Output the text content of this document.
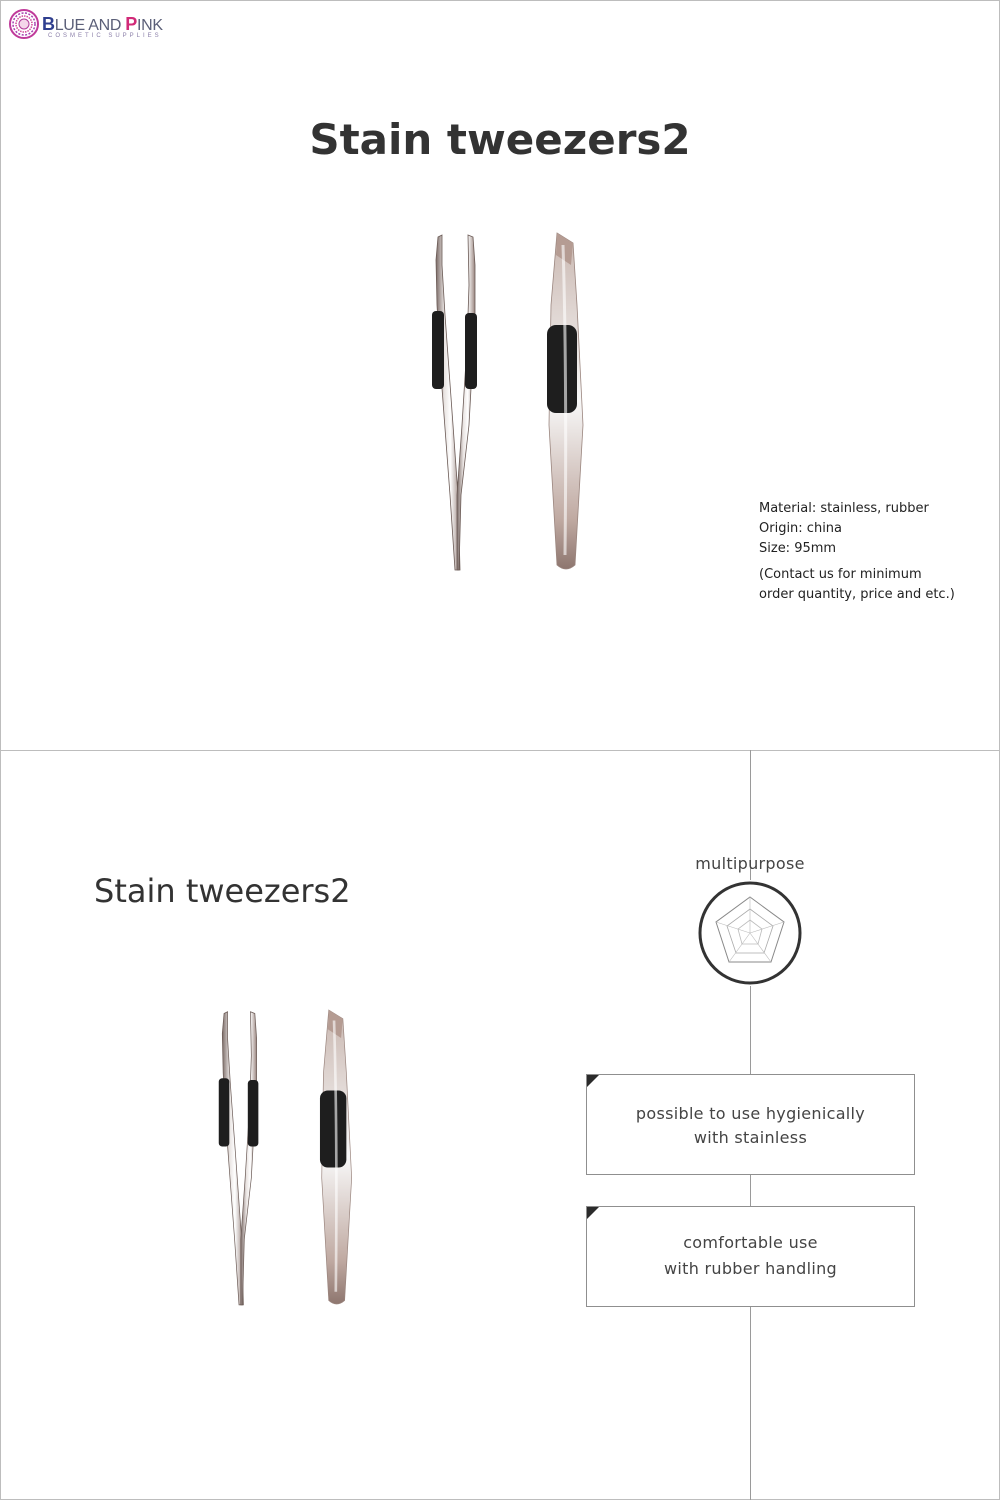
BLUE AND PINK
COSMETIC SUPPLIES
Stain tweezers2
Material: stainless, rubber
Origin: china
Size: 95mm
(Contact us for minimum
order quantity, price and etc.)
Stain tweezers2
multipurpose
possible to use hygienically
with stainless
comfortable use
with rubber handling
